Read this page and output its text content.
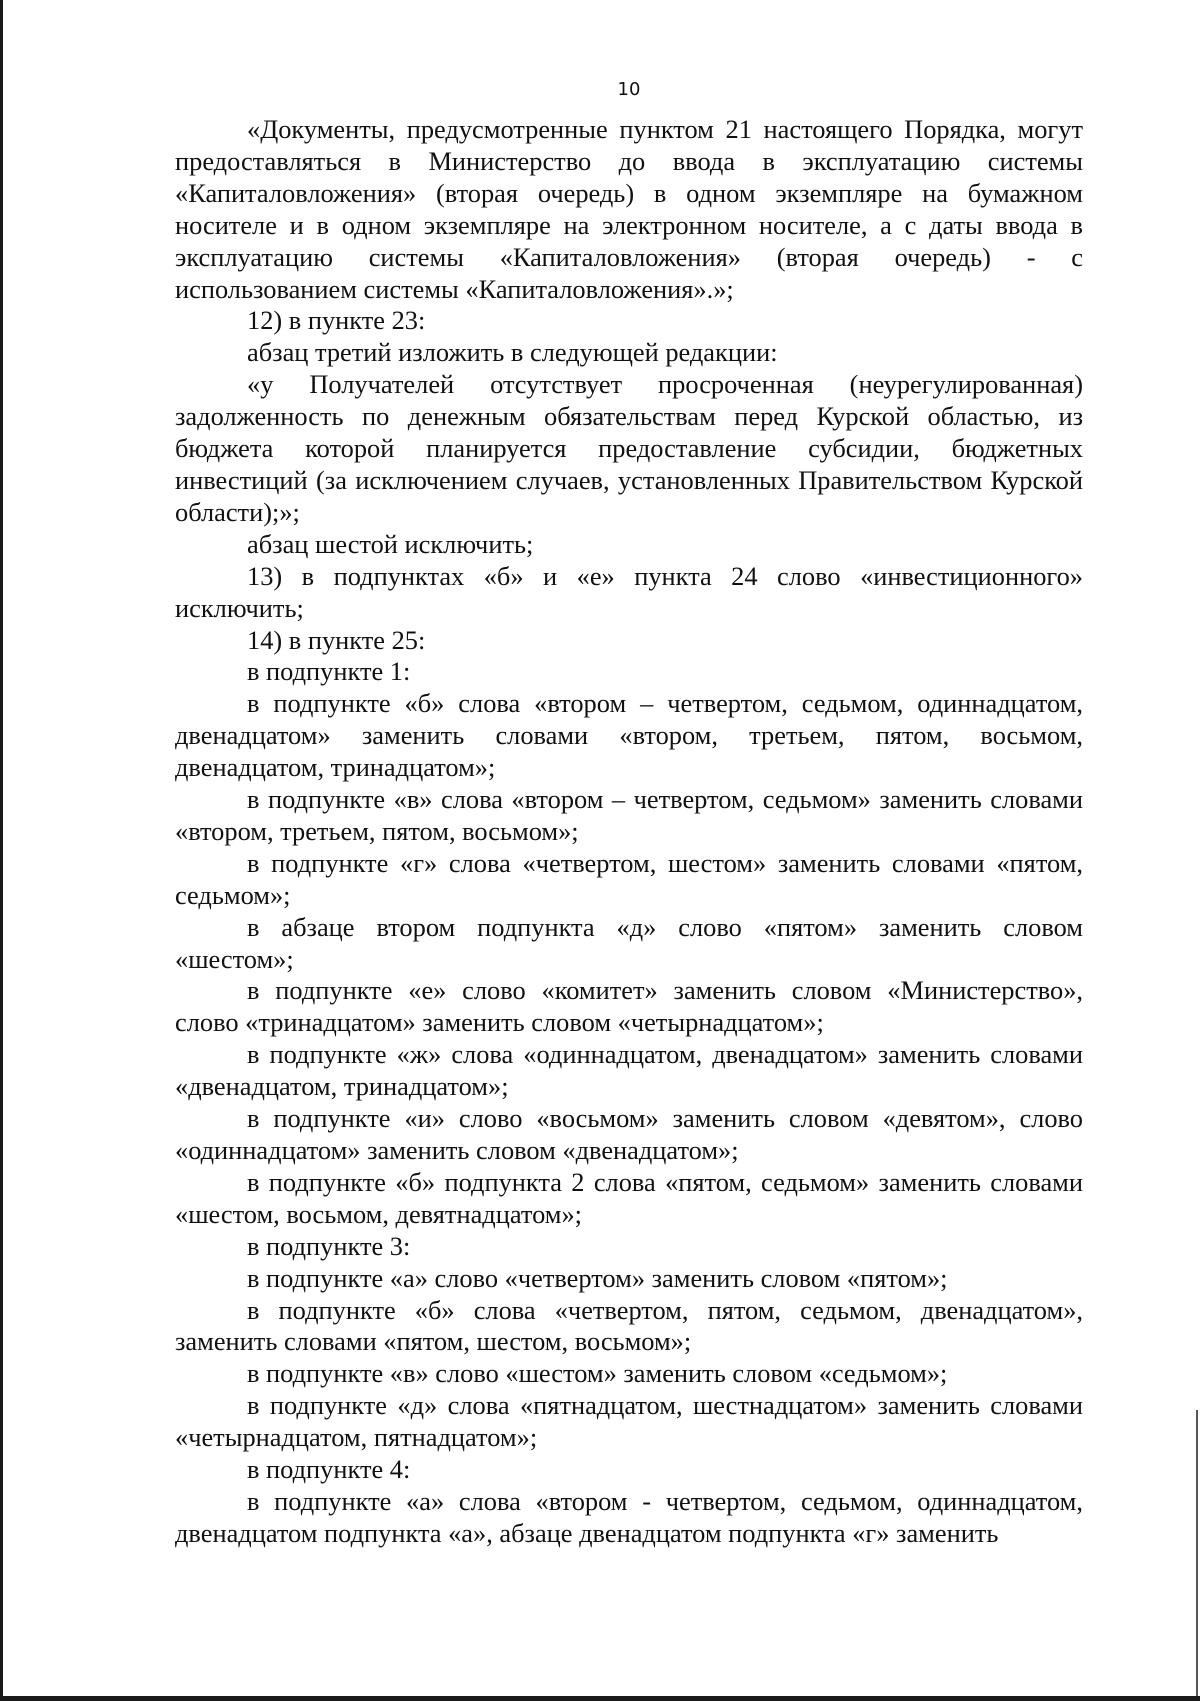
10

«Документы, предусмотренные пунктом 21 настоящего Порядка, могут предоставляться в Министерство до ввода в эксплуатацию системы «Капиталовложения» (вторая очередь) в одном экземпляре на бумажном носителе и в одном экземпляре на электронном носителе, а с даты ввода в эксплуатацию системы «Капиталовложения» (вторая очередь) - с использованием системы «Капиталовложения».»;

12) в пункте 23:

абзац третий изложить в следующей редакции:

«у Получателей отсутствует просроченная (неурегулированная) задолженность по денежным обязательствам перед Курской областью, из бюджета которой планируется предоставление субсидии, бюджетных инвестиций (за исключением случаев, установленных Правительством Курской области);»;

абзац шестой исключить;

13) в подпунктах «б» и «е» пункта 24 слово «инвестиционного» исключить;

14) в пункте 25:

в подпункте 1:

в подпункте «б» слова «втором – четвертом, седьмом, одиннадцатом, двенадцатом» заменить словами «втором, третьем, пятом, восьмом, двенадцатом, тринадцатом»;

в подпункте «в» слова «втором – четвертом, седьмом» заменить словами «втором, третьем, пятом, восьмом»;

в подпункте «г» слова «четвертом, шестом» заменить словами «пятом, седьмом»;

в абзаце втором подпункта «д» слово «пятом» заменить словом «шестом»;

в подпункте «е» слово «комитет» заменить словом «Министерство», слово «тринадцатом» заменить словом «четырнадцатом»;

в подпункте «ж» слова «одиннадцатом, двенадцатом» заменить словами «двенадцатом, тринадцатом»;

в подпункте «и» слово «восьмом» заменить словом «девятом», слово «одиннадцатом» заменить словом «двенадцатом»;

в подпункте «б» подпункта 2 слова «пятом, седьмом» заменить словами «шестом, восьмом, девятнадцатом»;

в подпункте 3:

в подпункте «а» слово «четвертом» заменить словом «пятом»;

в подпункте «б» слова «четвертом, пятом, седьмом, двенадцатом», заменить словами «пятом, шестом, восьмом»;

в подпункте «в» слово «шестом» заменить словом «седьмом»;

в подпункте «д» слова «пятнадцатом, шестнадцатом» заменить словами «четырнадцатом, пятнадцатом»;

в подпункте 4:

в подпункте «а» слова «втором - четвертом, седьмом, одиннадцатом, двенадцатом подпункта «а», абзаце двенадцатом подпункта «г» заменить
